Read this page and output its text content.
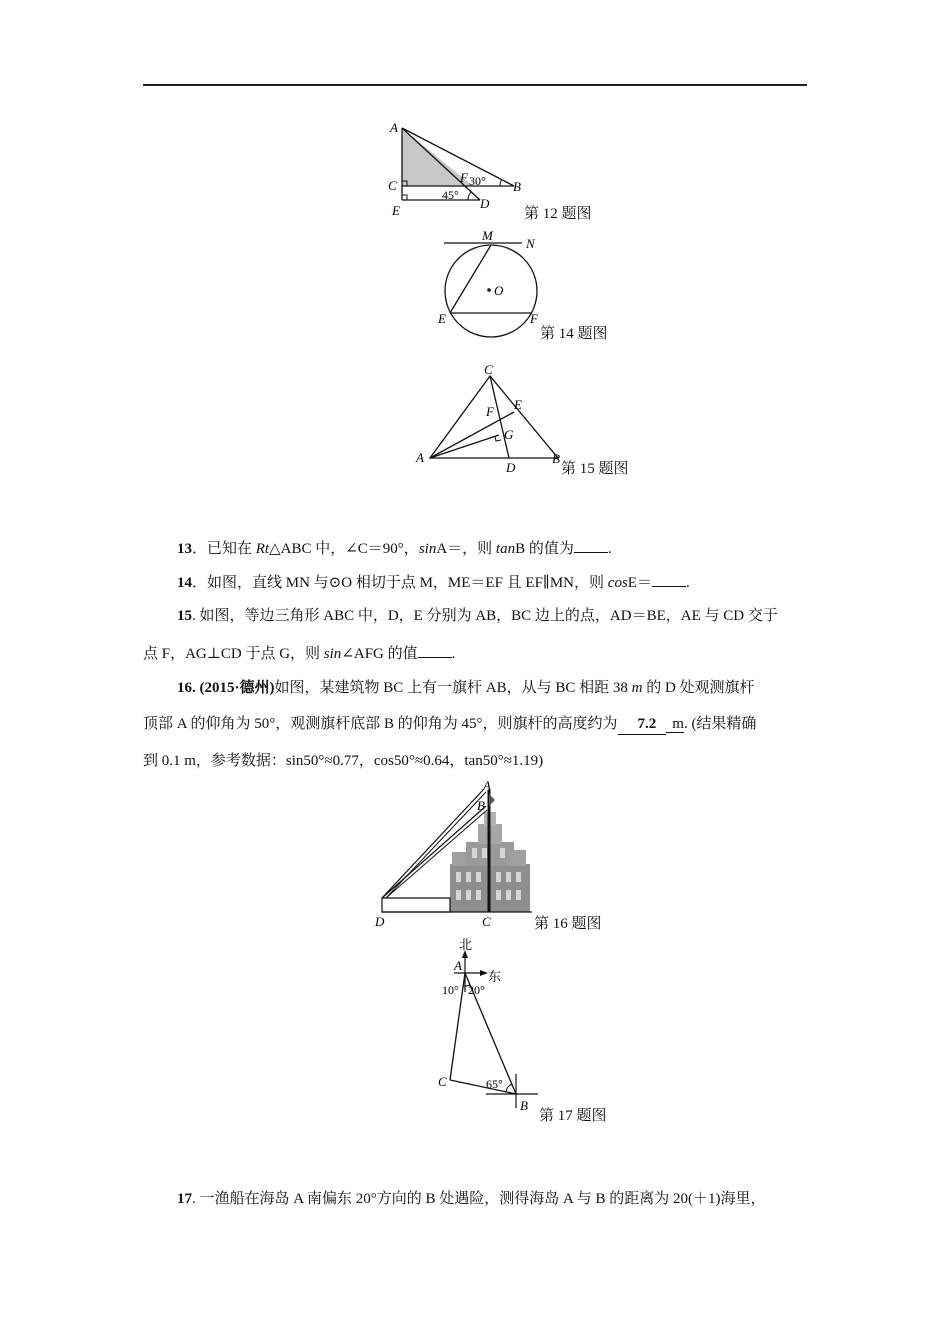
A
B
C
D
E
F 30°
45°
第 12 题图
M
N
O
E	F
第 14 题图
C
E
F
G
A
D
B
第 15 题图
13．已知在 Rt△ABC 中，∠C＝90°，sinA＝，则 tanB 的值为 .
14．如图，直线 MN 与⊙O 相切于点 M，ME＝EF 且 EF∥MN，则 cosE＝ .
15. 如图，等边三角形 ABC 中，D，E 分别为 AB，BC 边上的点，AD＝BE，AE 与 CD 交于
点 F，AG⊥CD 于点 G，则 sin∠AFG 的值 .
16. (2015·德州)如图，某建筑物 BC 上有一旗杆 AB，从与 BC 相距 38 m 的 D 处观测旗杆
顶部 A 的仰角为 50°，观测旗杆底部 B 的仰角为 45°，则旗杆的高度约为 7.2 m. (结果精确
到 0.1 m，参考数据：sin50°≈0.77，cos50°≈0.64，tan50°≈1.19)
A
B
D	C	第 16 题图
北
东
A
10° 20°
C	65°
B
第 17 题图
17. 一渔船在海岛 A 南偏东 20°方向的 B 处遇险，测得海岛 A 与 B 的距离为 20(＋1)海里，
